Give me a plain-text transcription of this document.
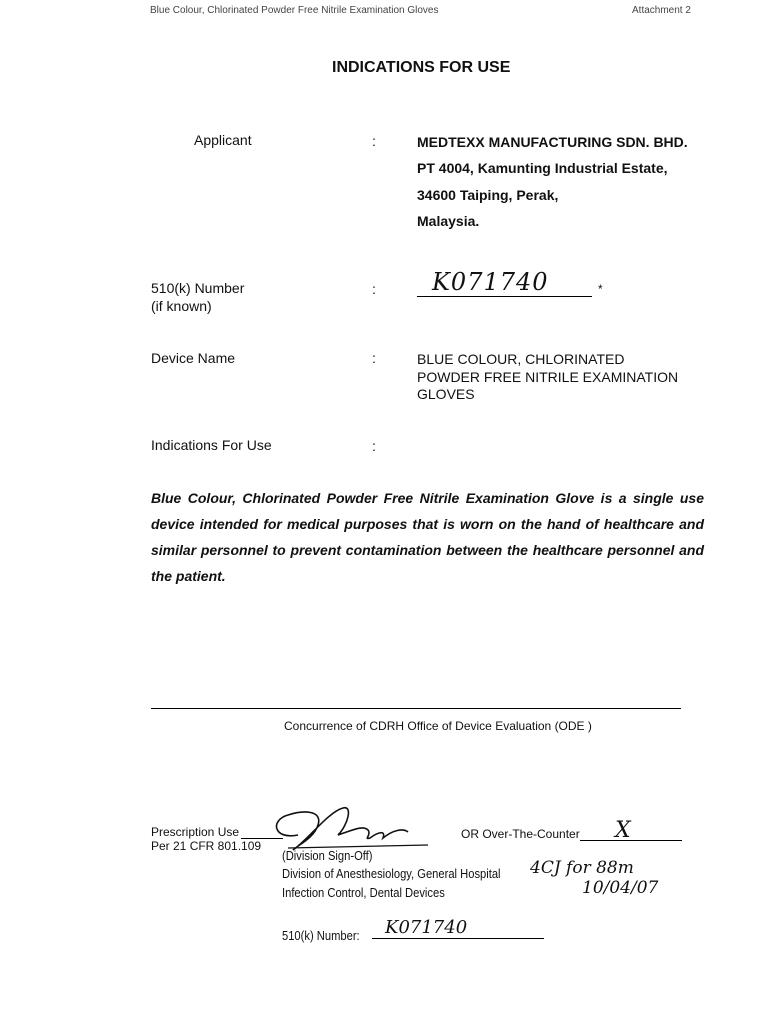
Blue Colour, Chlorinated Powder Free Nitrile Examination Gloves	Attachment 2
INDICATIONS FOR USE
Applicant	:	MEDTEXX MANUFACTURING SDN. BHD.
PT 4004, Kamunting Industrial Estate,
34600 Taiping, Perak,
Malaysia.
510(k) Number
(if known)
: K071740	*
Device Name	:	BLUE COLOUR, CHLORINATED
POWDER FREE NITRILE EXAMINATION
GLOVES
Indications For Use	:
Blue Colour, Chlorinated Powder Free Nitrile Examination Glove is a single use device intended for medical purposes that is worn on the hand of healthcare and similar personnel to prevent contamination between the healthcare personnel and the patient.
Concurrence of CDRH Office of Device Evaluation (ODE )
Prescription Use
Per 21 CFR 801.109
OR Over-The-Counter X
(Division Sign-Off)
Division of Anesthesiology, General Hospital
Infection Control, Dental Devices
4CJ for 88m
10/04/07
510(k) Number: K071740
